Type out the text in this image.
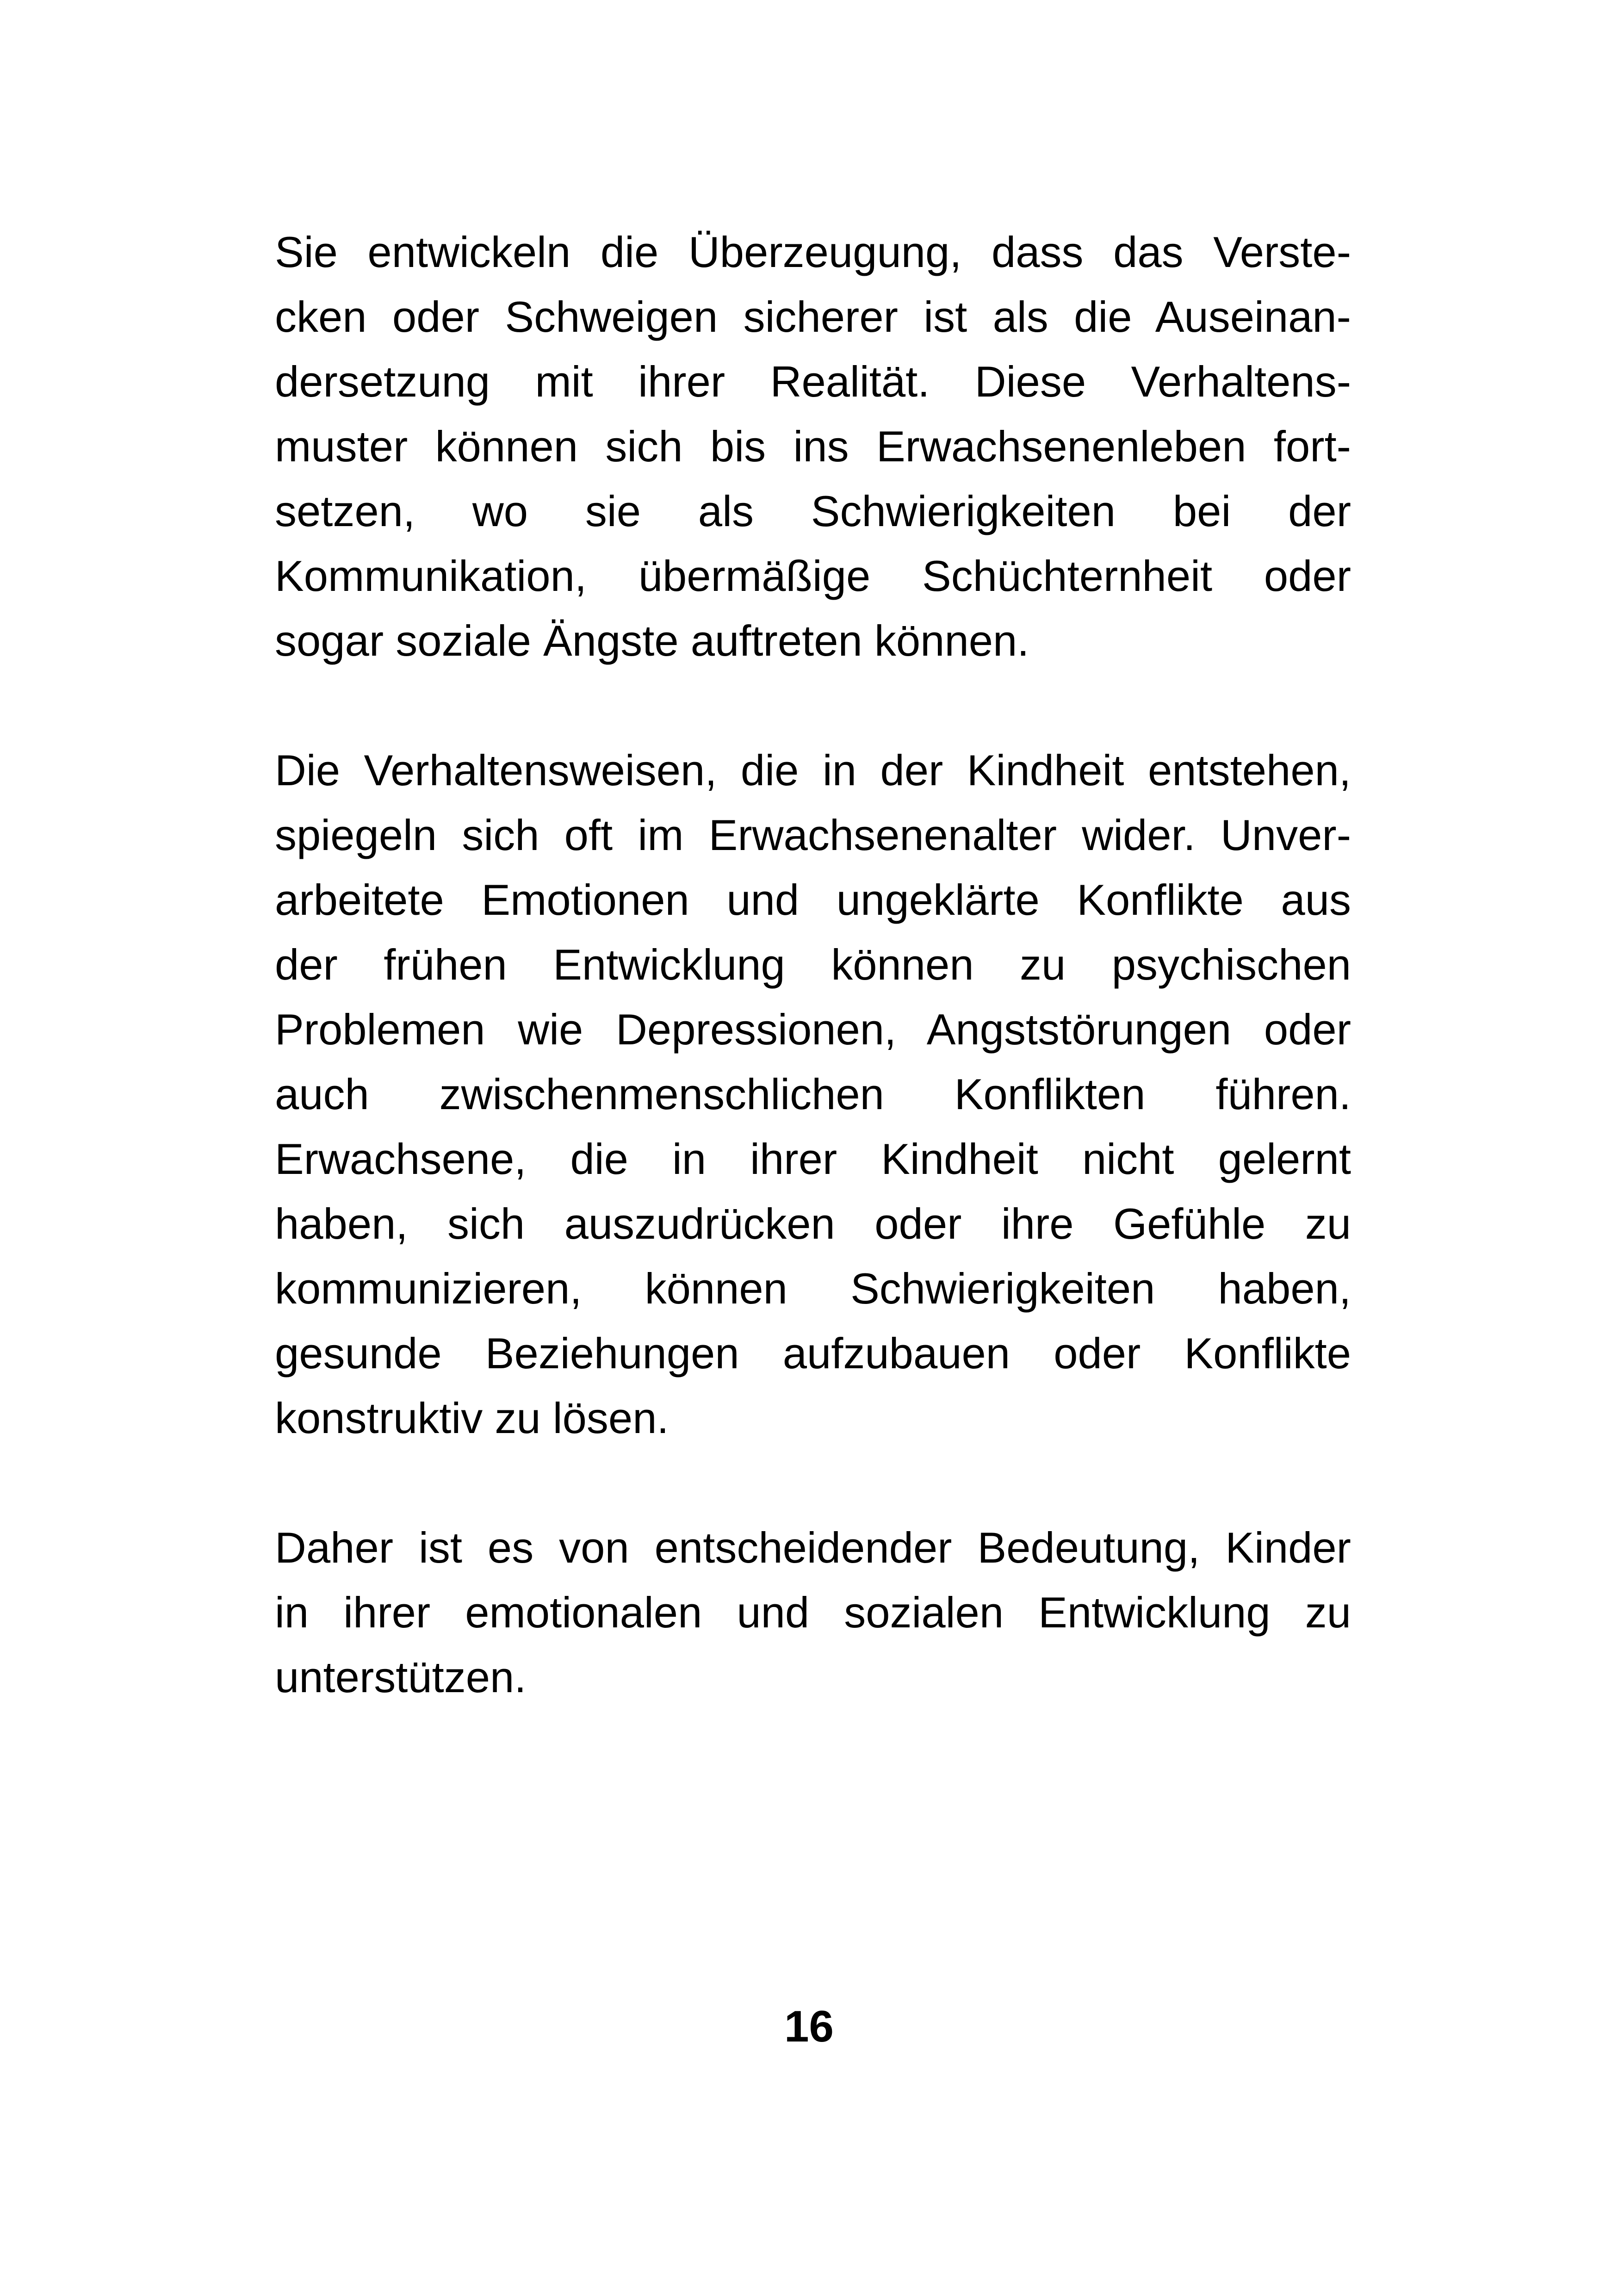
Sie entwickeln die Überzeugung, dass das Verste-
cken oder Schweigen sicherer ist als die Auseinan-
dersetzung mit ihrer Realität. Diese Verhaltens-
muster können sich bis ins Erwachsenenleben fort-
setzen, wo sie als Schwierigkeiten bei der
Kommunikation, übermäßige Schüchternheit oder
sogar soziale Ängste auftreten können.
Die Verhaltensweisen, die in der Kindheit entstehen,
spiegeln sich oft im Erwachsenenalter wider. Unver-
arbeitete Emotionen und ungeklärte Konflikte aus
der frühen Entwicklung können zu psychischen
Problemen wie Depressionen, Angststörungen oder
auch zwischenmenschlichen Konflikten führen.
Erwachsene, die in ihrer Kindheit nicht gelernt
haben, sich auszudrücken oder ihre Gefühle zu
kommunizieren, können Schwierigkeiten haben,
gesunde Beziehungen aufzubauen oder Konflikte
konstruktiv zu lösen.
Daher ist es von entscheidender Bedeutung, Kinder
in ihrer emotionalen und sozialen Entwicklung zu
unterstützen.
16
